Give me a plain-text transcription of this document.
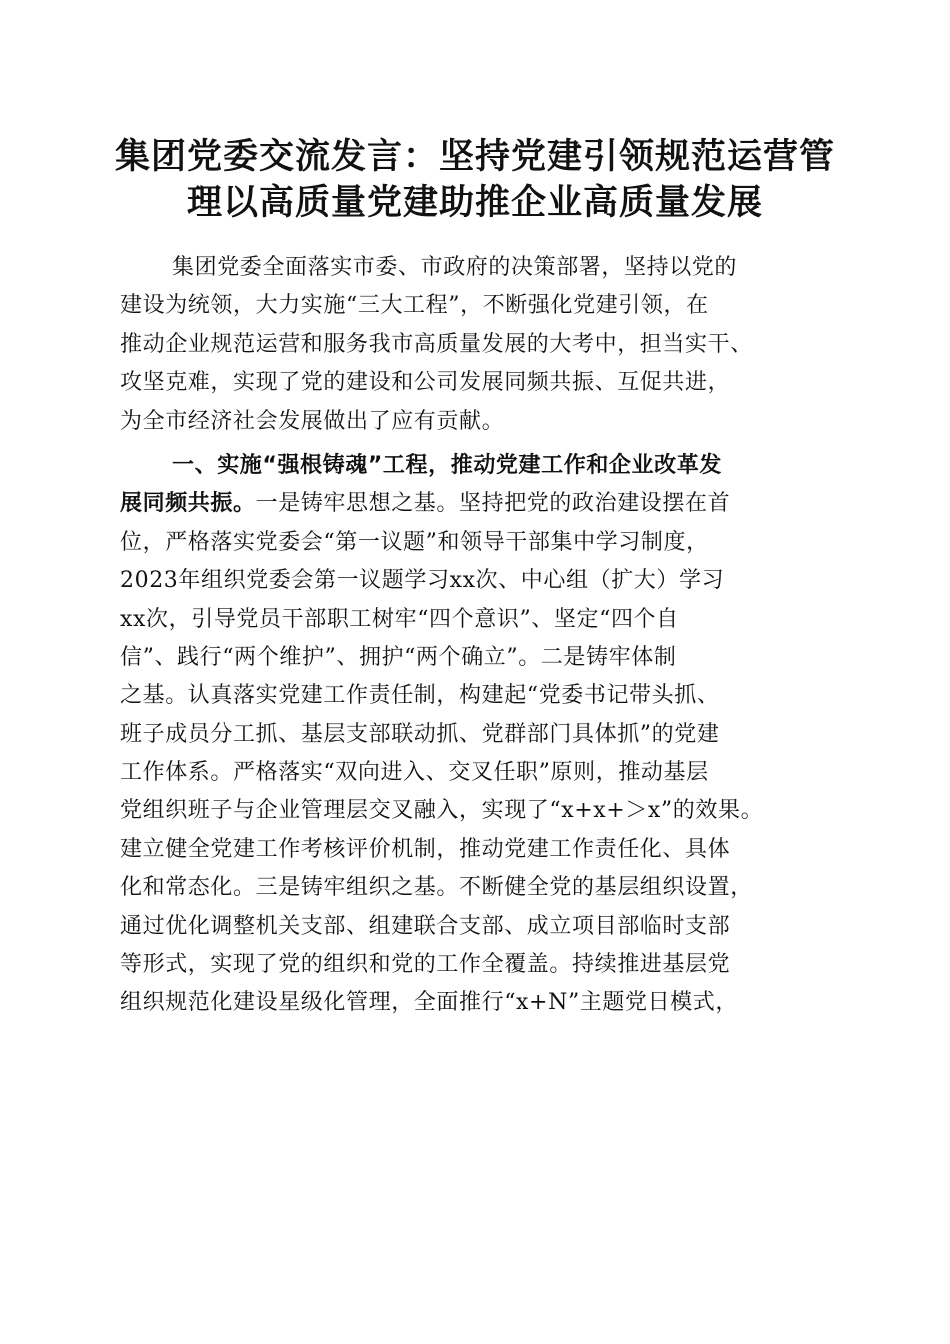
集团党委交流发言：坚持党建引领规范运营管
理以高质量党建助推企业高质量发展
集团党委全面落实市委、市政府的决策部署，坚持以党的
建设为统领，大力实施“三大工程”，不断强化党建引领，在
推动企业规范运营和服务我市高质量发展的大考中，担当实干、
攻坚克难，实现了党的建设和公司发展同频共振、互促共进，
为全市经济社会发展做出了应有贡献。
一、实施“强根铸魂”工程，推动党建工作和企业改革发
展同频共振。一是铸牢思想之基。坚持把党的政治建设摆在首
位，严格落实党委会“第一议题”和领导干部集中学习制度，
2023年组织党委会第一议题学习xx次、中心组（扩大）学习
xx次，引导党员干部职工树牢“四个意识”、坚定“四个自
信”、践行“两个维护”、拥护“两个确立”。二是铸牢体制
之基。认真落实党建工作责任制，构建起“党委书记带头抓、
班子成员分工抓、基层支部联动抓、党群部门具体抓”的党建
工作体系。严格落实“双向进入、交叉任职”原则，推动基层
党组织班子与企业管理层交叉融入，实现了“x+x+＞x”的效果。
建立健全党建工作考核评价机制，推动党建工作责任化、具体
化和常态化。三是铸牢组织之基。不断健全党的基层组织设置，
通过优化调整机关支部、组建联合支部、成立项目部临时支部
等形式，实现了党的组织和党的工作全覆盖。持续推进基层党
组织规范化建设星级化管理，全面推行“x+N”主题党日模式，
